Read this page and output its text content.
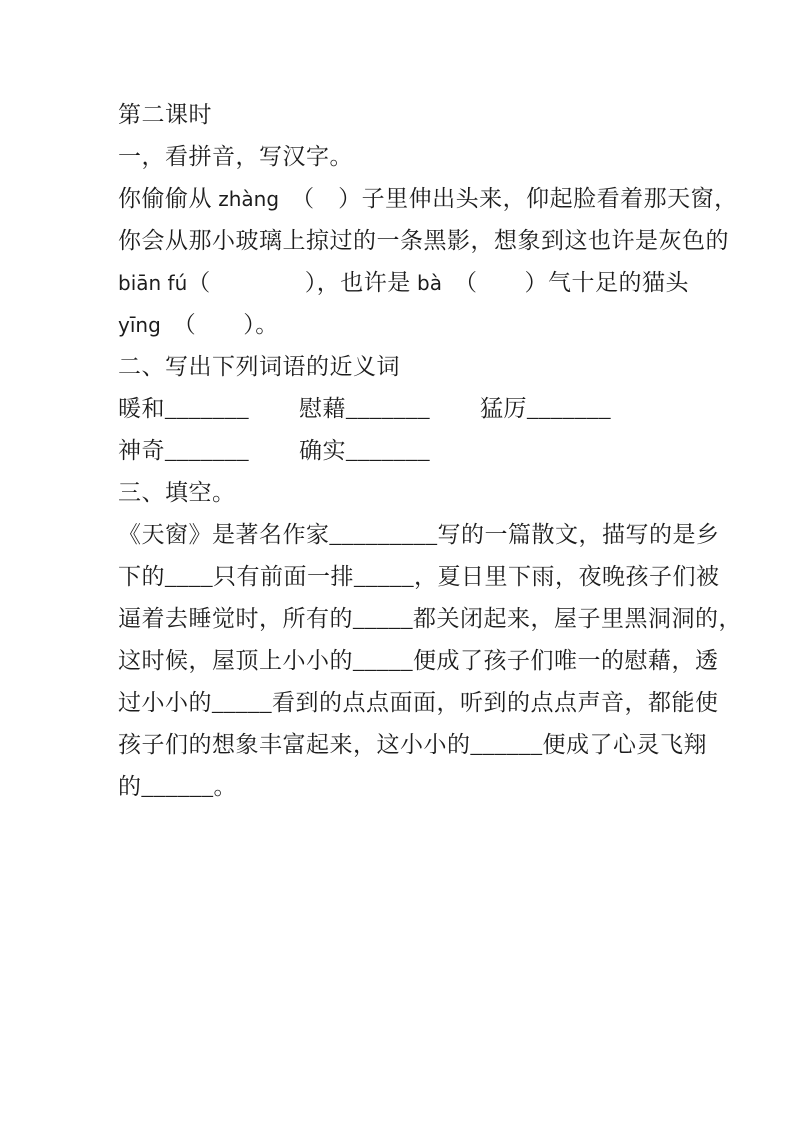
第二课时
一，看拼音，写汉字。
你偷偷从 zhàng　（　）子里伸出头来，仰起脸看着那天窗，
你会从那小玻璃上掠过的一条黑影，想象到这也许是灰色的
biān fú（　　　　），也许是 bà　（　　）气十足的猫头
yīng　（　　）。
二、写出下列词语的近义词
暖和_______ 慰藉_______ 猛厉_______
神奇_______ 确实_______
三、填空。
《天窗》是著名作家_________写的一篇散文，描写的是乡
下的____只有前面一排_____，夏日里下雨，夜晚孩子们被
逼着去睡觉时，所有的_____都关闭起来，屋子里黑洞洞的，
这时候，屋顶上小小的_____便成了孩子们唯一的慰藉，透
过小小的_____看到的点点面面，听到的点点声音，都能使
孩子们的想象丰富起来，这小小的______便成了心灵飞翔
的______。
